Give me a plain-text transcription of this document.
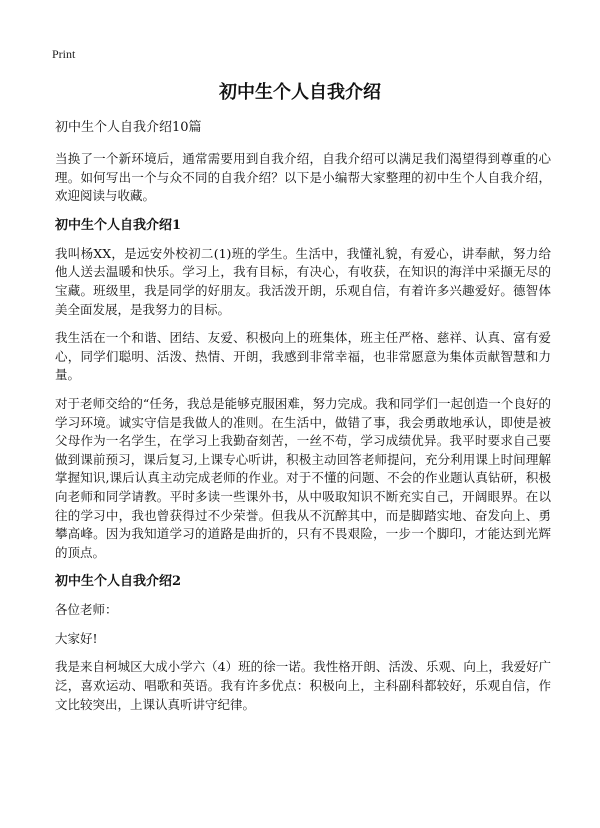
Print
初中生个人自我介绍
初中生个人自我介绍10篇

当换了一个新环境后，通常需要用到自我介绍，自我介绍可以满足我们渴望得到尊重的心理。如何写出一个与众不同的自我介绍？以下是小编帮大家整理的初中生个人自我介绍，欢迎阅读与收藏。

初中生个人自我介绍1

我叫杨XX，是远安外校初二(1)班的学生。生活中，我懂礼貌，有爱心，讲奉献，努力给他人送去温暖和快乐。学习上，我有目标，有决心，有收获，在知识的海洋中采撷无尽的宝藏。班级里，我是同学的好朋友。我活泼开朗，乐观自信，有着许多兴趣爱好。德智体美全面发展，是我努力的目标。

我生活在一个和谐、团结、友爱、积极向上的班集体，班主任严格、慈祥、认真、富有爱心，同学们聪明、活泼、热情、开朗，我感到非常幸福，也非常愿意为集体贡献智慧和力量。

对于老师交给的“任务，我总是能够克服困难，努力完成。我和同学们一起创造一个良好的学习环境。诚实守信是我做人的准则。在生活中，做错了事，我会勇敢地承认，即使是被父母作为一名学生，在学习上我勤奋刻苦，一丝不苟，学习成绩优异。我平时要求自己要做到课前预习，课后复习,上课专心听讲，积极主动回答老师提问，充分利用课上时间理解掌握知识,课后认真主动完成老师的作业。对于不懂的问题、不会的作业题认真钻研，积极向老师和同学请教。平时多读一些课外书，从中吸取知识不断充实自己，开阔眼界。在以往的学习中，我也曾获得过不少荣誉。但我从不沉醉其中，而是脚踏实地、奋发向上、勇攀高峰。因为我知道学习的道路是曲折的，只有不畏艰险，一步一个脚印，才能达到光辉的顶点。

初中生个人自我介绍2

各位老师：

大家好!

我是来自柯城区大成小学六（4）班的徐一诺。我性格开朗、活泼、乐观、向上，我爱好广泛，喜欢运动、唱歌和英语。我有许多优点：积极向上，主科副科都较好，乐观自信，作文比较突出，上课认真听讲守纪律。
